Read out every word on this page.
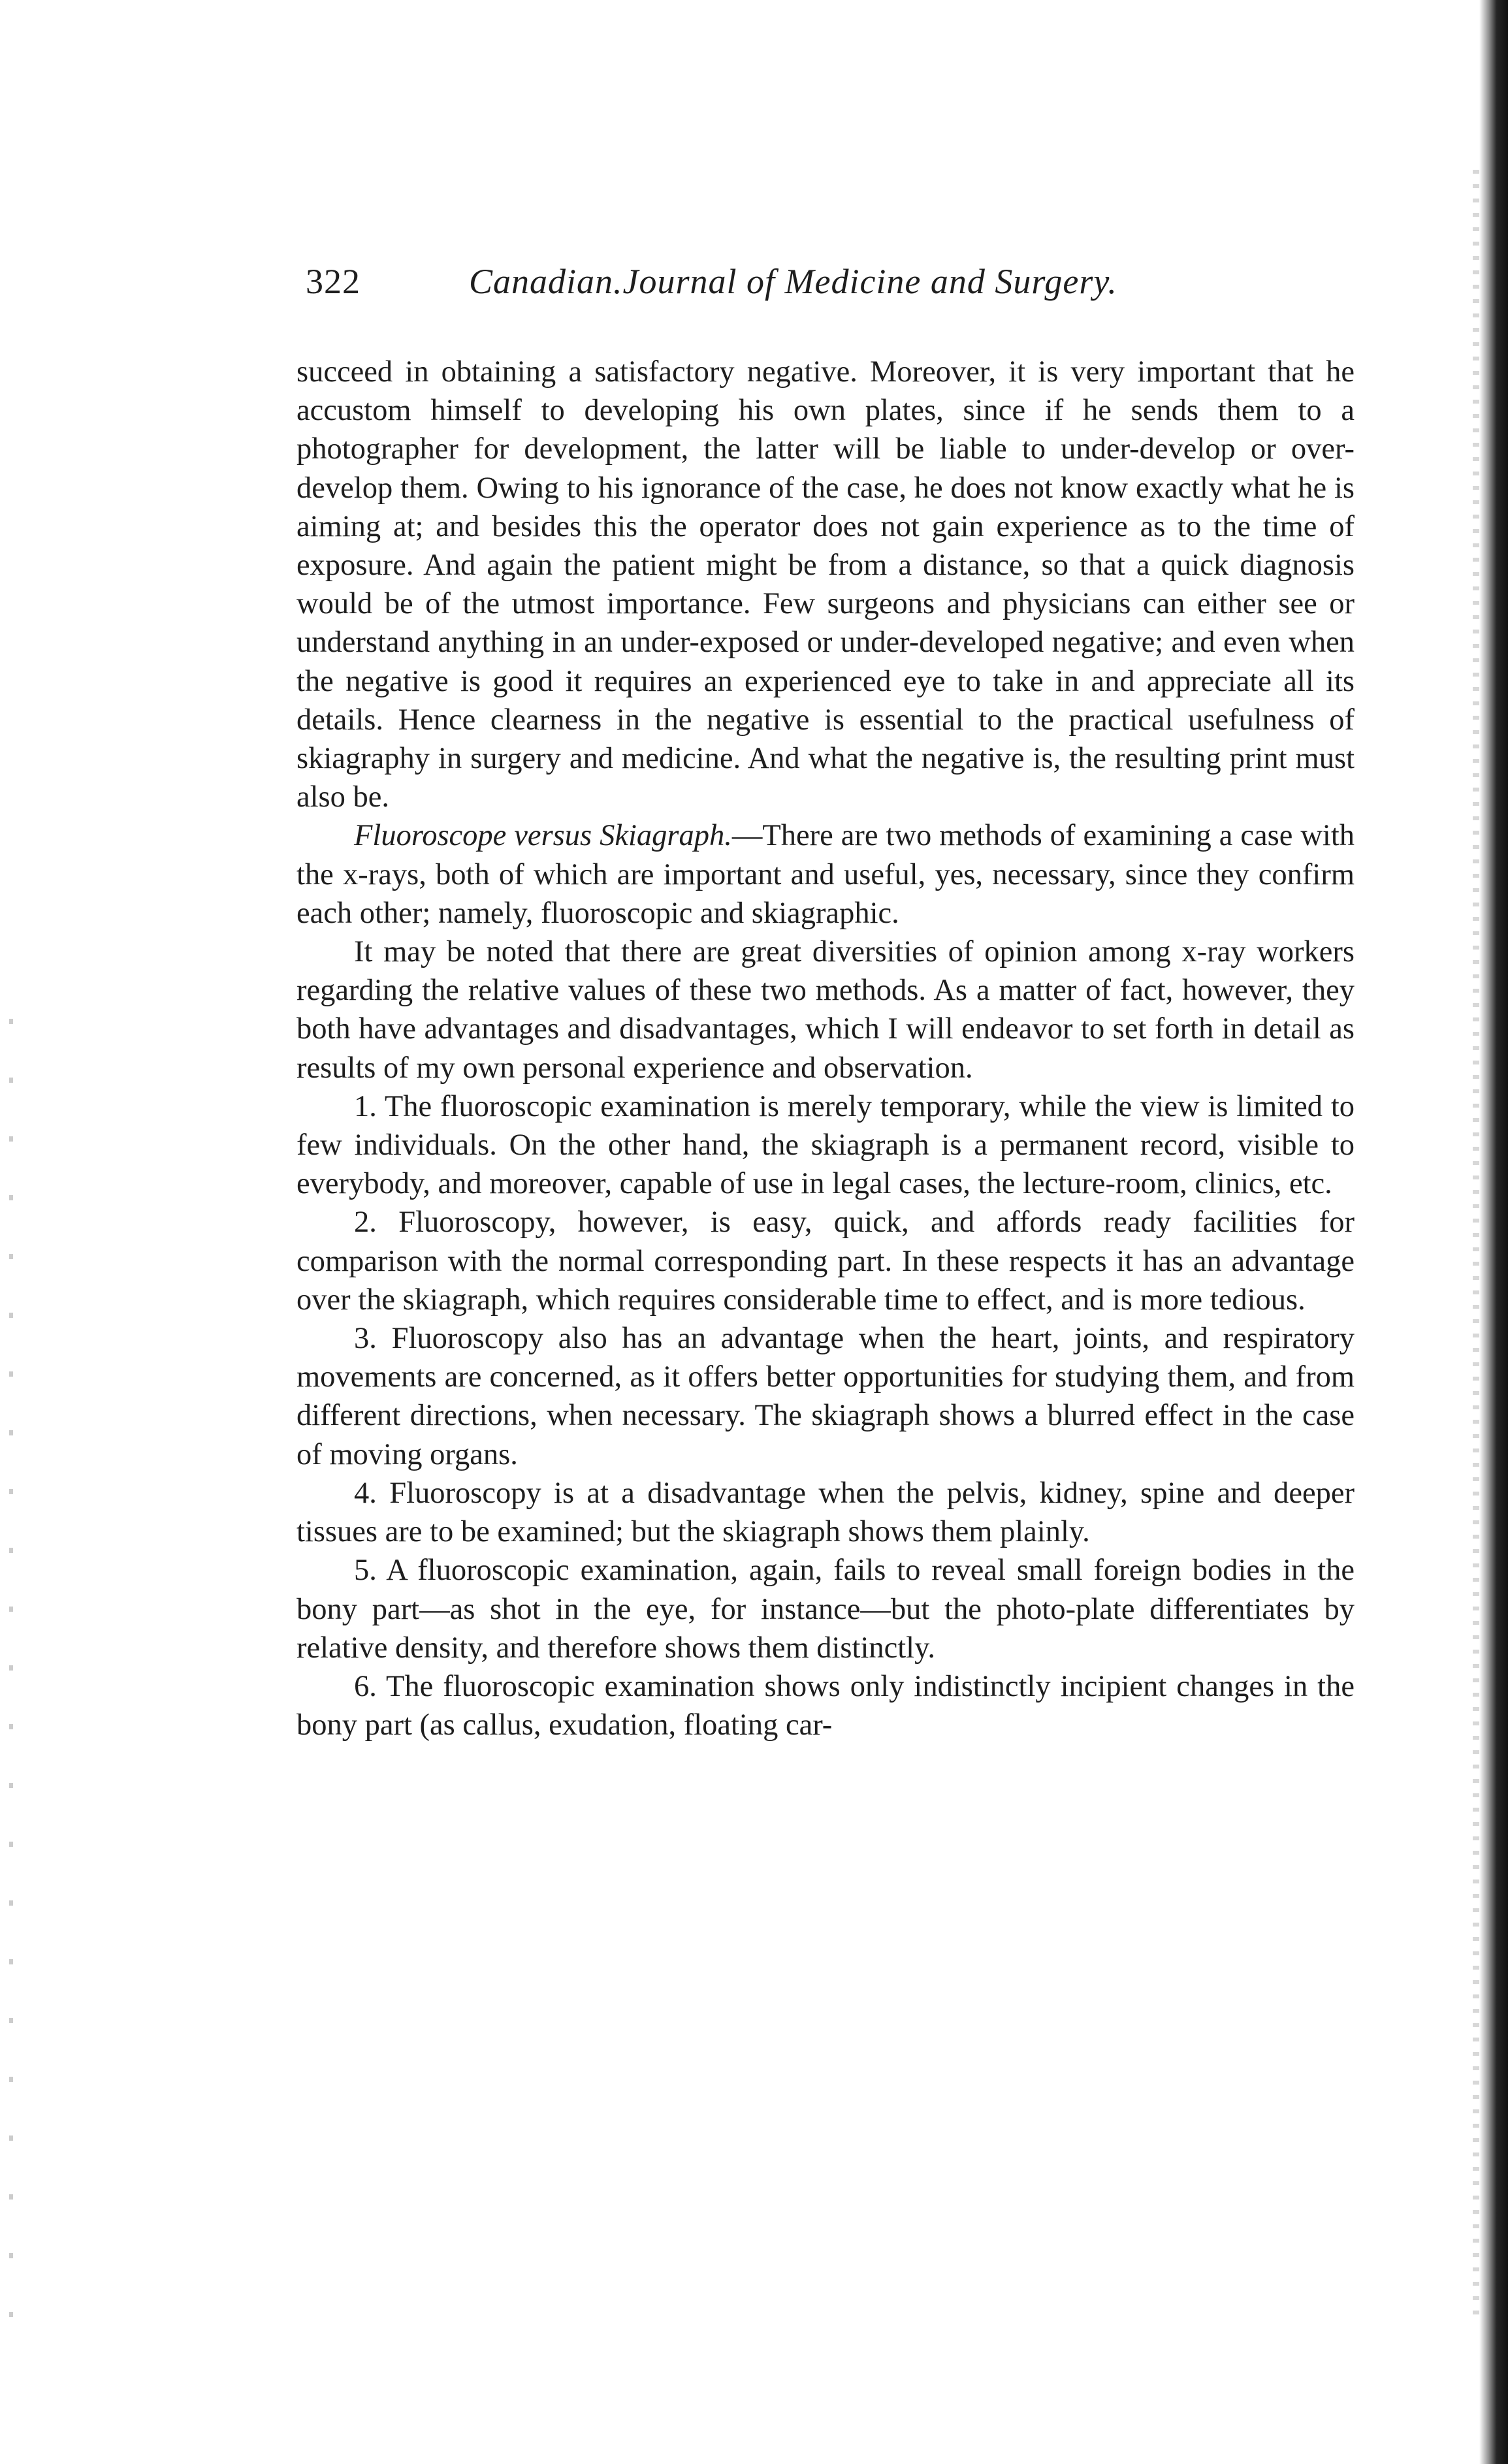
322	Canadian.Journal of Medicine and Surgery.

succeed in obtaining a satisfactory negative. Moreover, it is very important that he accustom himself to developing his own plates, since if he sends them to a photographer for development, the latter will be liable to under-develop or over-develop them. Owing to his ignorance of the case, he does not know exactly what he is aiming at; and besides this the operator does not gain experience as to the time of exposure. And again the patient might be from a distance, so that a quick diagnosis would be of the utmost importance. Few surgeons and physicians can either see or understand anything in an under-exposed or under-developed negative; and even when the negative is good it requires an experienced eye to take in and appreciate all its details. Hence clearness in the negative is essential to the practical usefulness of skiagraphy in surgery and medicine. And what the negative is, the resulting print must also be.

Fluoroscope versus Skiagraph.—There are two methods of examining a case with the x-rays, both of which are important and useful, yes, necessary, since they confirm each other; namely, fluoroscopic and skiagraphic.

It may be noted that there are great diversities of opinion among x-ray workers regarding the relative values of these two methods. As a matter of fact, however, they both have advantages and disadvantages, which I will endeavor to set forth in detail as results of my own personal experience and observation.

1. The fluoroscopic examination is merely temporary, while the view is limited to few individuals. On the other hand, the skiagraph is a permanent record, visible to everybody, and moreover, capable of use in legal cases, the lecture-room, clinics, etc.

2. Fluoroscopy, however, is easy, quick, and affords ready facilities for comparison with the normal corresponding part. In these respects it has an advantage over the skiagraph, which requires considerable time to effect, and is more tedious.

3. Fluoroscopy also has an advantage when the heart, joints, and respiratory movements are concerned, as it offers better opportunities for studying them, and from different directions, when necessary. The skiagraph shows a blurred effect in the case of moving organs.

4. Fluoroscopy is at a disadvantage when the pelvis, kidney, spine and deeper tissues are to be examined; but the skiagraph shows them plainly.

5. A fluoroscopic examination, again, fails to reveal small foreign bodies in the bony part—as shot in the eye, for instance—but the photo-plate differentiates by relative density, and therefore shows them distinctly.

6. The fluoroscopic examination shows only indistinctly incipient changes in the bony part (as callus, exudation, floating car-
